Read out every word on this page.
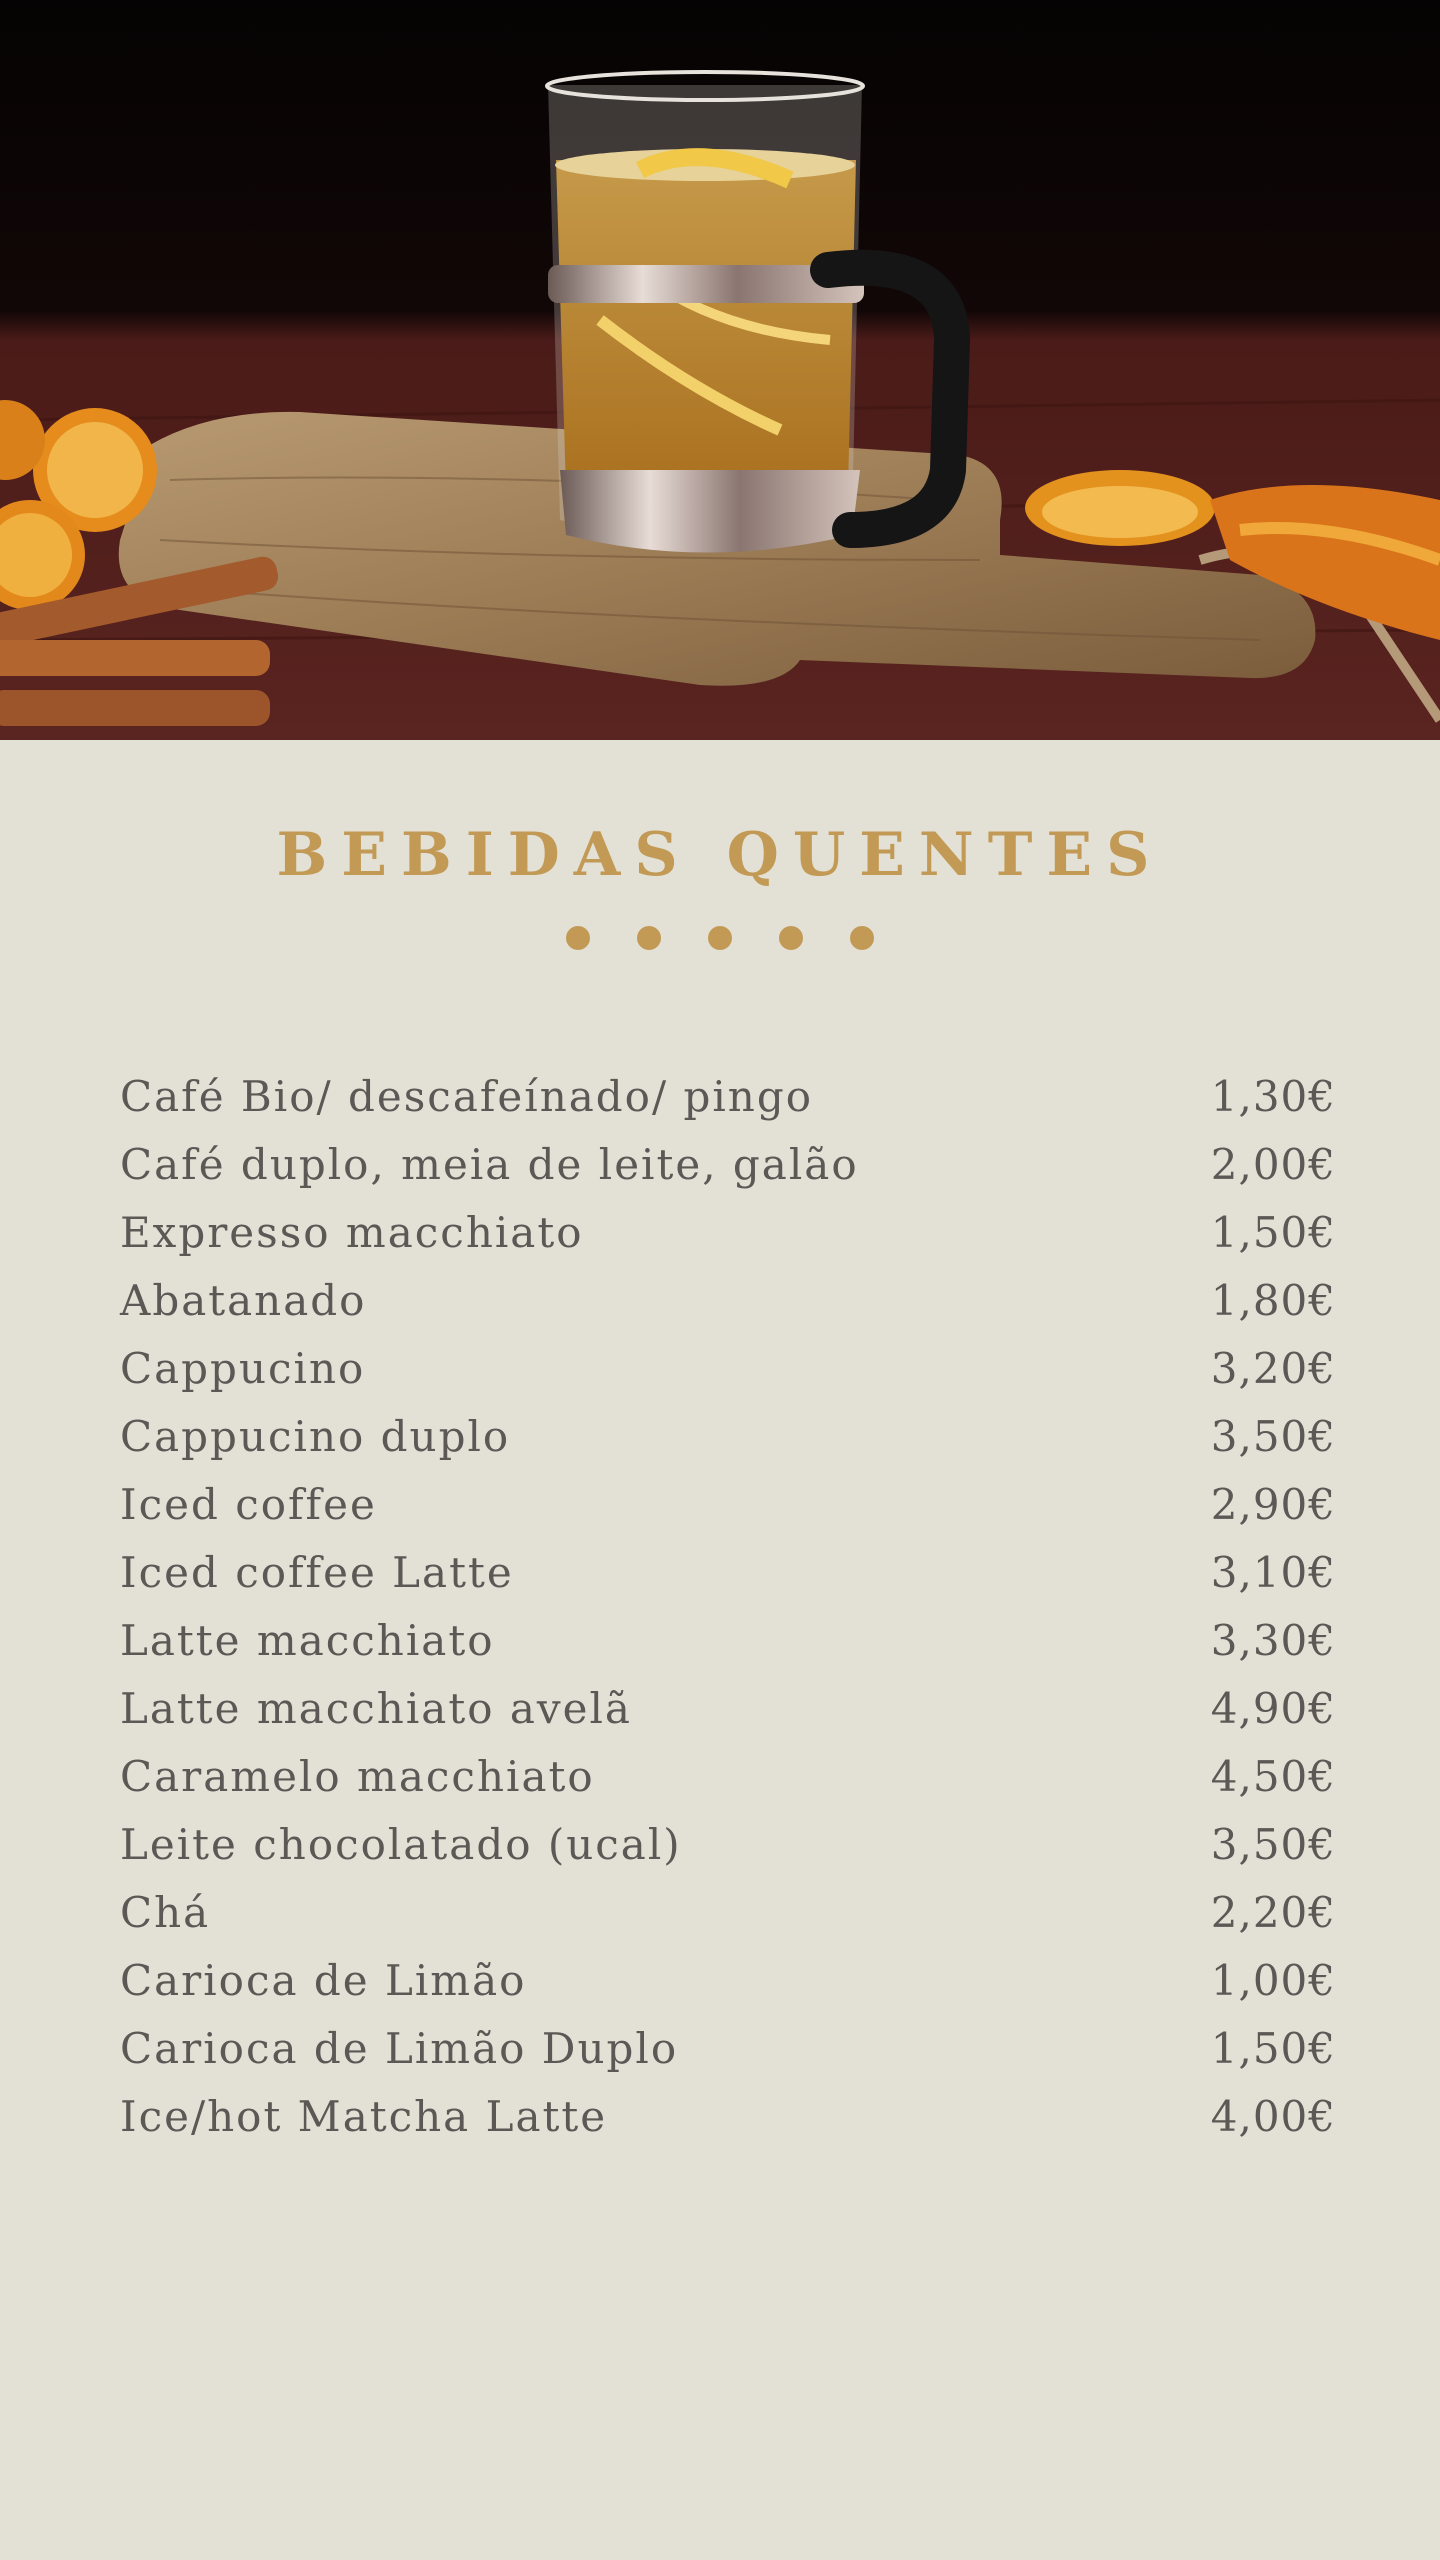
BEBIDAS QUENTES
Café Bio/ descafeínado/ pingo	1,30€
Café duplo, meia de leite, galão	2,00€
Expresso macchiato	1,50€
Abatanado	1,80€
Cappucino	3,20€
Cappucino duplo	3,50€
Iced coffee	2,90€
Iced coffee Latte	3,10€
Latte macchiato	3,30€
Latte macchiato avelã	4,90€
Caramelo macchiato	4,50€
Leite chocolatado (ucal)	3,50€
Chá	2,20€
Carioca de Limão	1,00€
Carioca de Limão Duplo	1,50€
Ice/hot Matcha Latte	4,00€
